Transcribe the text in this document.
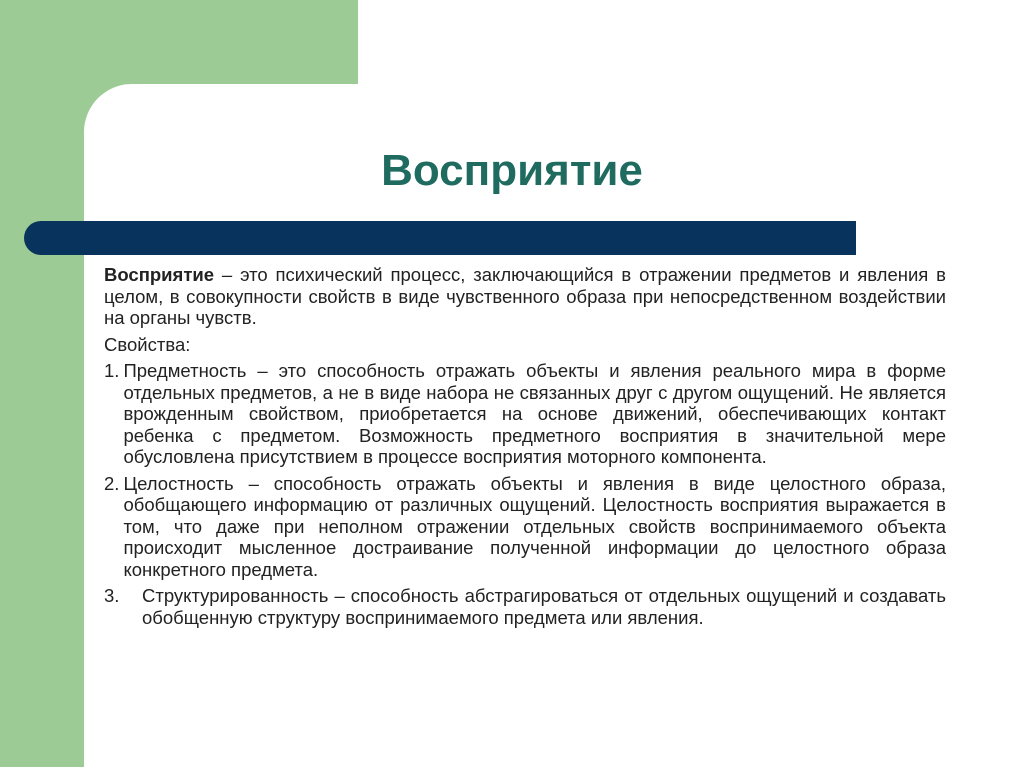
Восприятие

Восприятие – это психический процесс, заключающийся в отражении предметов и явления в целом, в совокупности свойств в виде чувственного образа при непосредственном воздействии на органы чувств.

Свойства:

1. Предметность – это способность отражать объекты и явления реального мира в форме отдельных предметов, а не в виде набора не связанных друг с другом ощущений. Не является врожденным свойством, приобретается на основе движений, обеспечивающих контакт ребенка с предметом. Возможность предметного восприятия в значительной мере обусловлена присутствием в процессе восприятия моторного компонента.
2. Целостность – способность отражать объекты и явления в виде целостного образа, обобщающего информацию от различных ощущений. Целостность восприятия выражается в том, что даже при неполном отражении отдельных свойств воспринимаемого объекта происходит мысленное достраивание полученной информации до целостного образа конкретного предмета.
3.	Структурированность – способность абстрагироваться от отдельных ощущений и создавать обобщенную структуру воспринимаемого предмета или явления.
